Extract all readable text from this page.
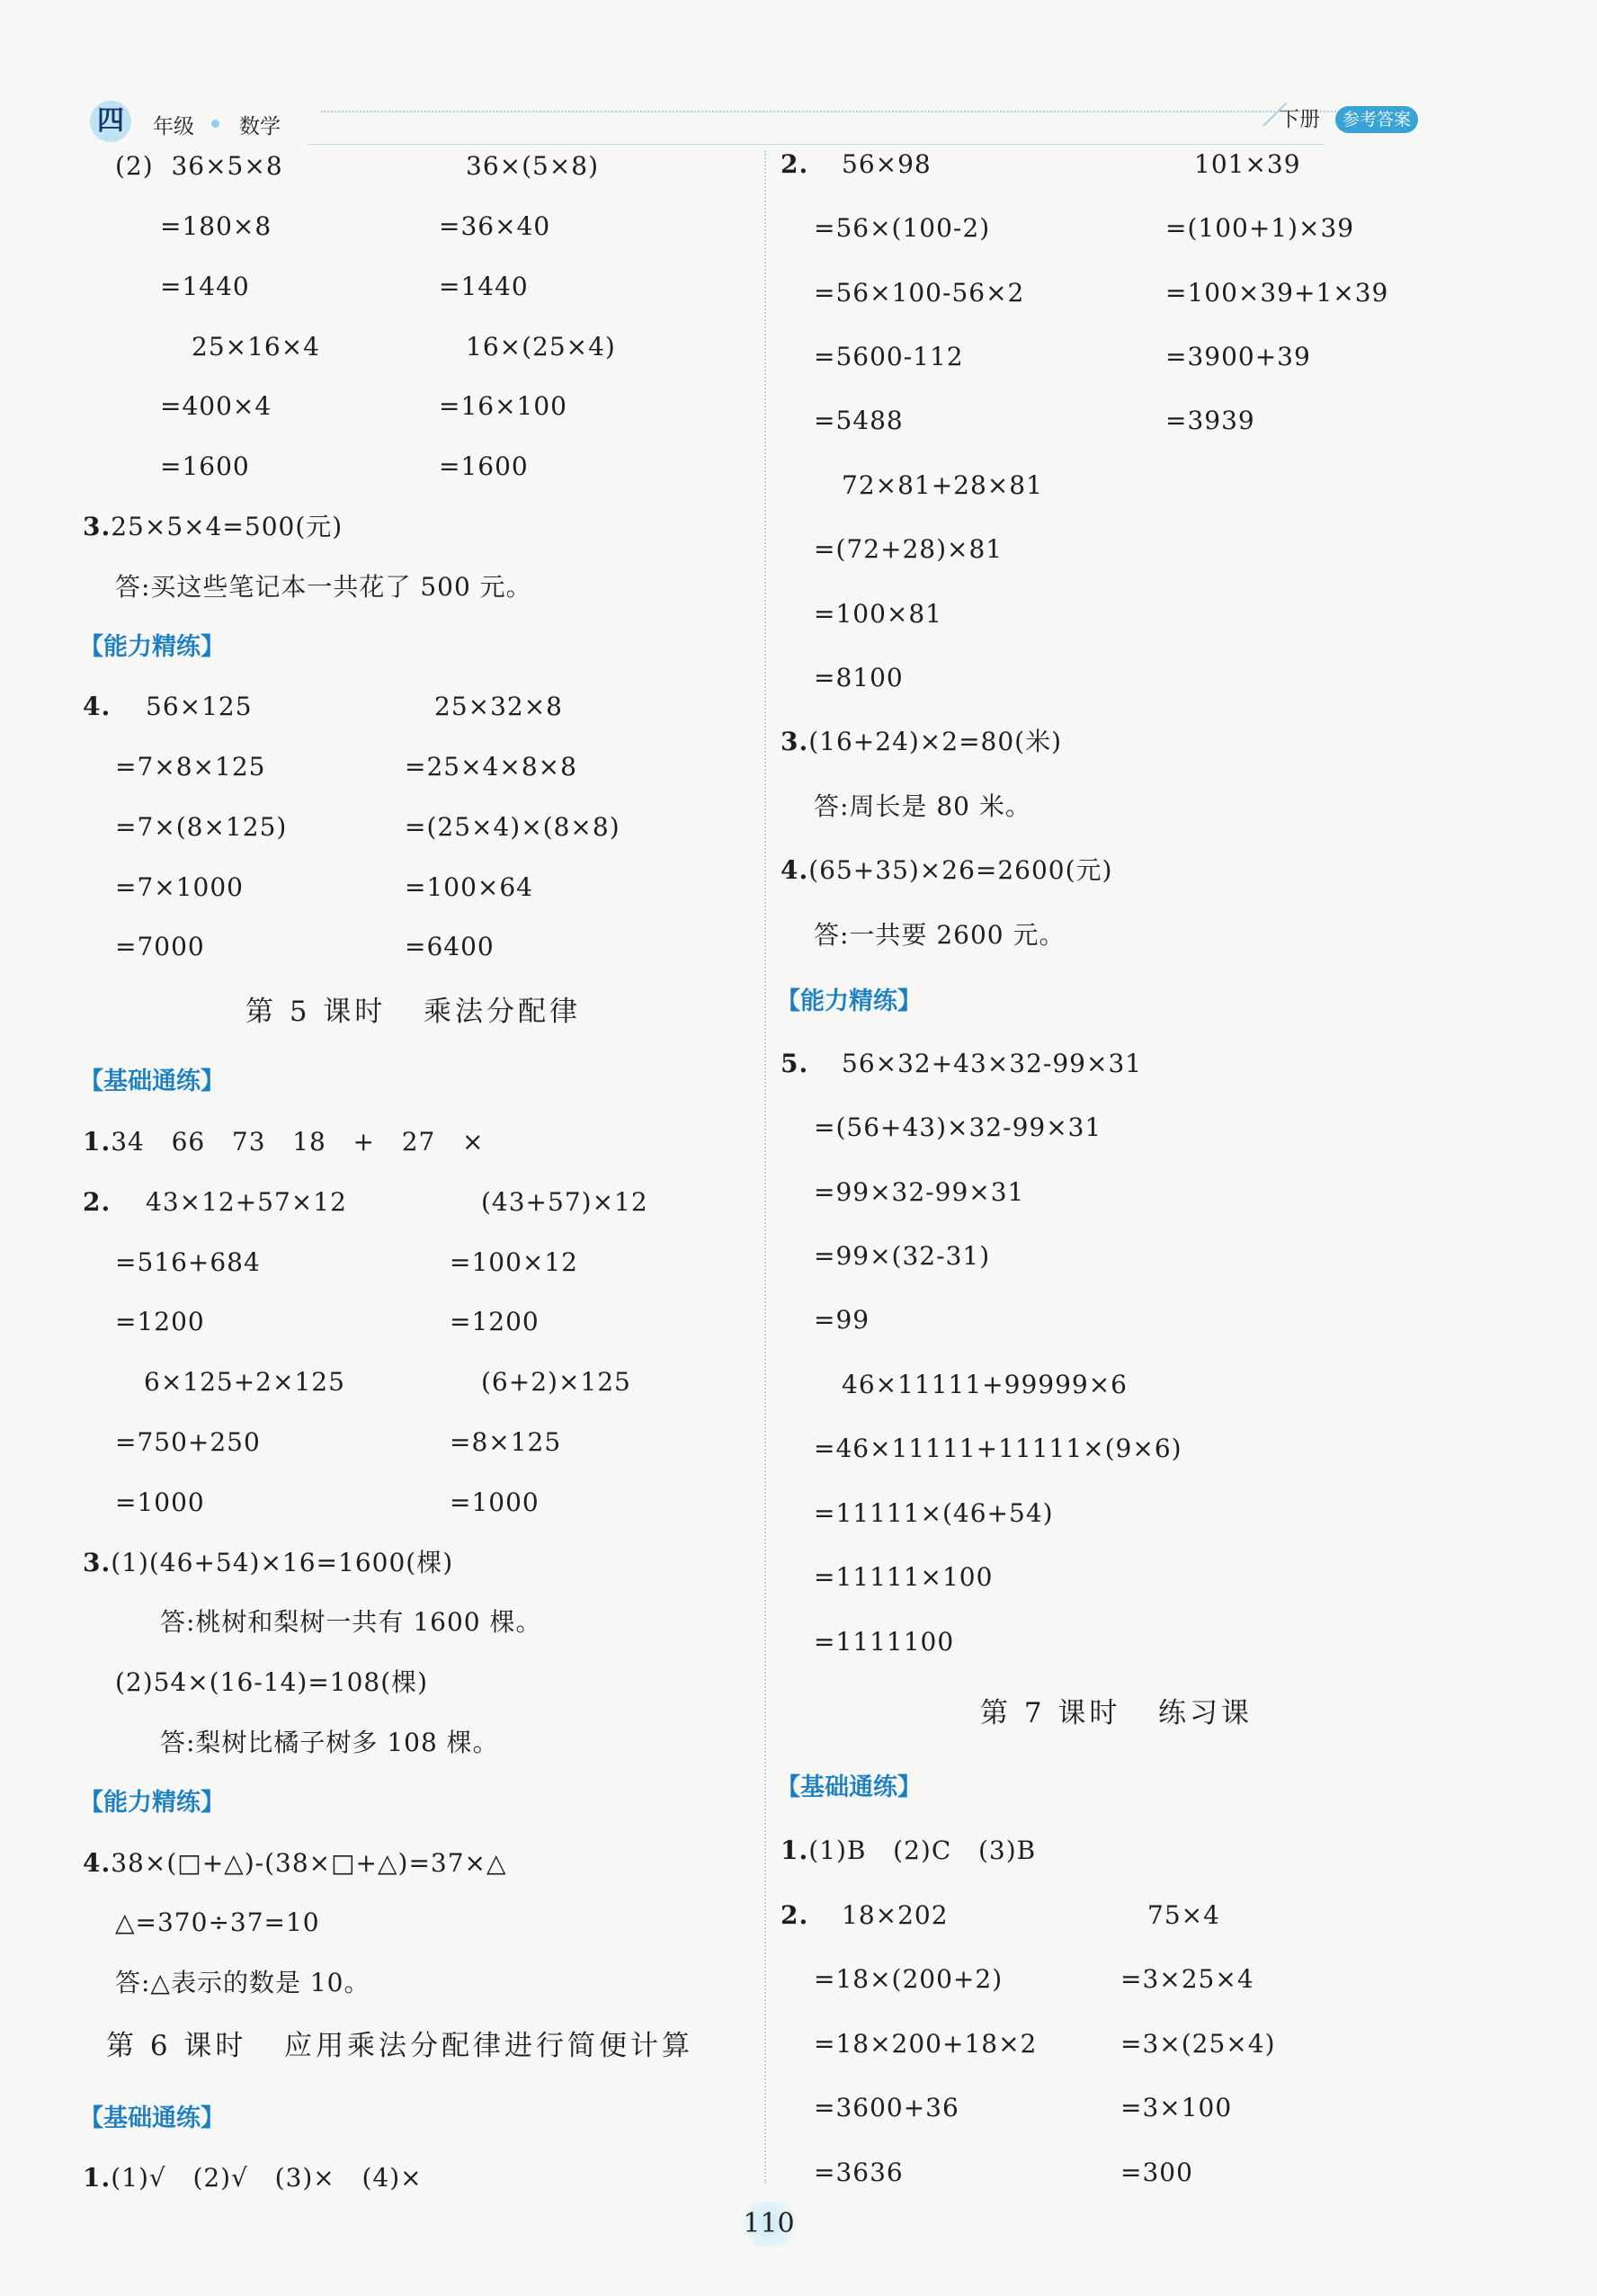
四	年级 数学	下册	参考答案
(2)  36×5×8	36×(5×8)
=180×8	=36×40
=1440	=1440
25×16×4	16×(25×4)
=400×4	=16×100
=1600	=1600
3.25×5×4=500(元)
答:买这些笔记本一共花了 500 元。
【能力精练】
4. 56×125	25×32×8
=7×8×125	=25×4×8×8
=7×(8×125)	=(25×4)×(8×8)
=7×1000	=100×64
=7000	=6400
第 5 课时   乘法分配律
【基础通练】
1.34   66   73   18   +   27   ×
2. 43×12+57×12	(43+57)×12
=516+684	=100×12
=1200	=1200
6×125+2×125	(6+2)×125
=750+250	=8×125
=1000	=1000
3.(1)(46+54)×16=1600(棵)
答:桃树和梨树一共有 1600 棵。
(2)54×(16-14)=108(棵)
答:梨树比橘子树多 108 棵。
【能力精练】
4.38×(□+△)-(38×□+△)=37×△
△=370÷37=10
答:△表示的数是 10。
第 6 课时   应用乘法分配律进行简便计算
【基础通练】
1.(1)√   (2)√   (3)×   (4)×
2. 56×98	101×39
=56×(100-2)	=(100+1)×39
=56×100-56×2	=100×39+1×39
=5600-112	=3900+39
=5488	=3939
72×81+28×81
=(72+28)×81
=100×81
=8100
3.(16+24)×2=80(米)
答:周长是 80 米。
4.(65+35)×26=2600(元)
答:一共要 2600 元。
【能力精练】
5. 56×32+43×32-99×31
=(56+43)×32-99×31
=99×32-99×31
=99×(32-31)
=99
46×11111+99999×6
=46×11111+11111×(9×6)
=11111×(46+54)
=11111×100
=1111100
第 7 课时   练习课
【基础通练】
1.(1)B   (2)C   (3)B
2. 18×202	75×4
=18×(200+2)	=3×25×4
=18×200+18×2	=3×(25×4)
=3600+36	=3×100
=3636	=300
110
